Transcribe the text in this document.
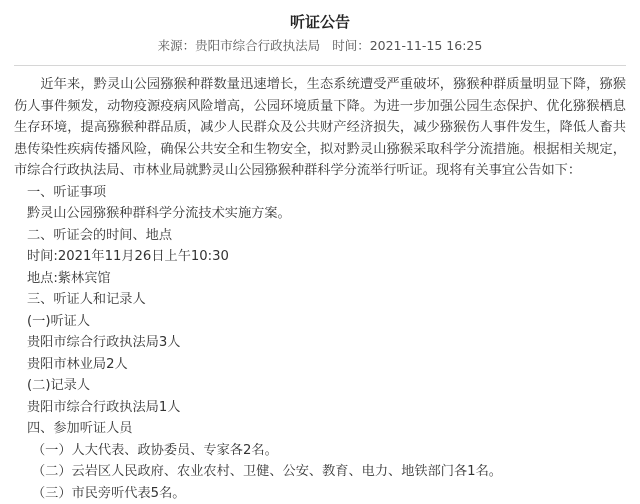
听证公告
来源：贵阳市综合行政执法局 时间：2021-11-15 16:25

近年来，黔灵山公园猕猴种群数量迅速增长，生态系统遭受严重破坏，猕猴种群质量明显下降，猕猴伤人事件频发，动物疫源疫病风险增高，公园环境质量下降。为进一步加强公园生态保护、优化猕猴栖息生存环境，提高猕猴种群品质，减少人民群众及公共财产经济损失，减少猕猴伤人事件发生，降低人畜共患传染性疾病传播风险，确保公共安全和生物安全，拟对黔灵山猕猴采取科学分流措施。根据相关规定，市综合行政执法局、市林业局就黔灵山公园猕猴种群科学分流举行听证。现将有关事宜公告如下：

一、听证事项

黔灵山公园猕猴种群科学分流技术实施方案。

二、听证会的时间、地点

时间:2021年11月26日上午10:30

地点:紫林宾馆

三、听证人和记录人

(一)听证人

贵阳市综合行政执法局3人

贵阳市林业局2人

(二)记录人

贵阳市综合行政执法局1人

四、参加听证人员

（一）人大代表、政协委员、专家各2名。

（二）云岩区人民政府、农业农村、卫健、公安、教育、电力、地铁部门各1名。

（三）市民旁听代表5名。
